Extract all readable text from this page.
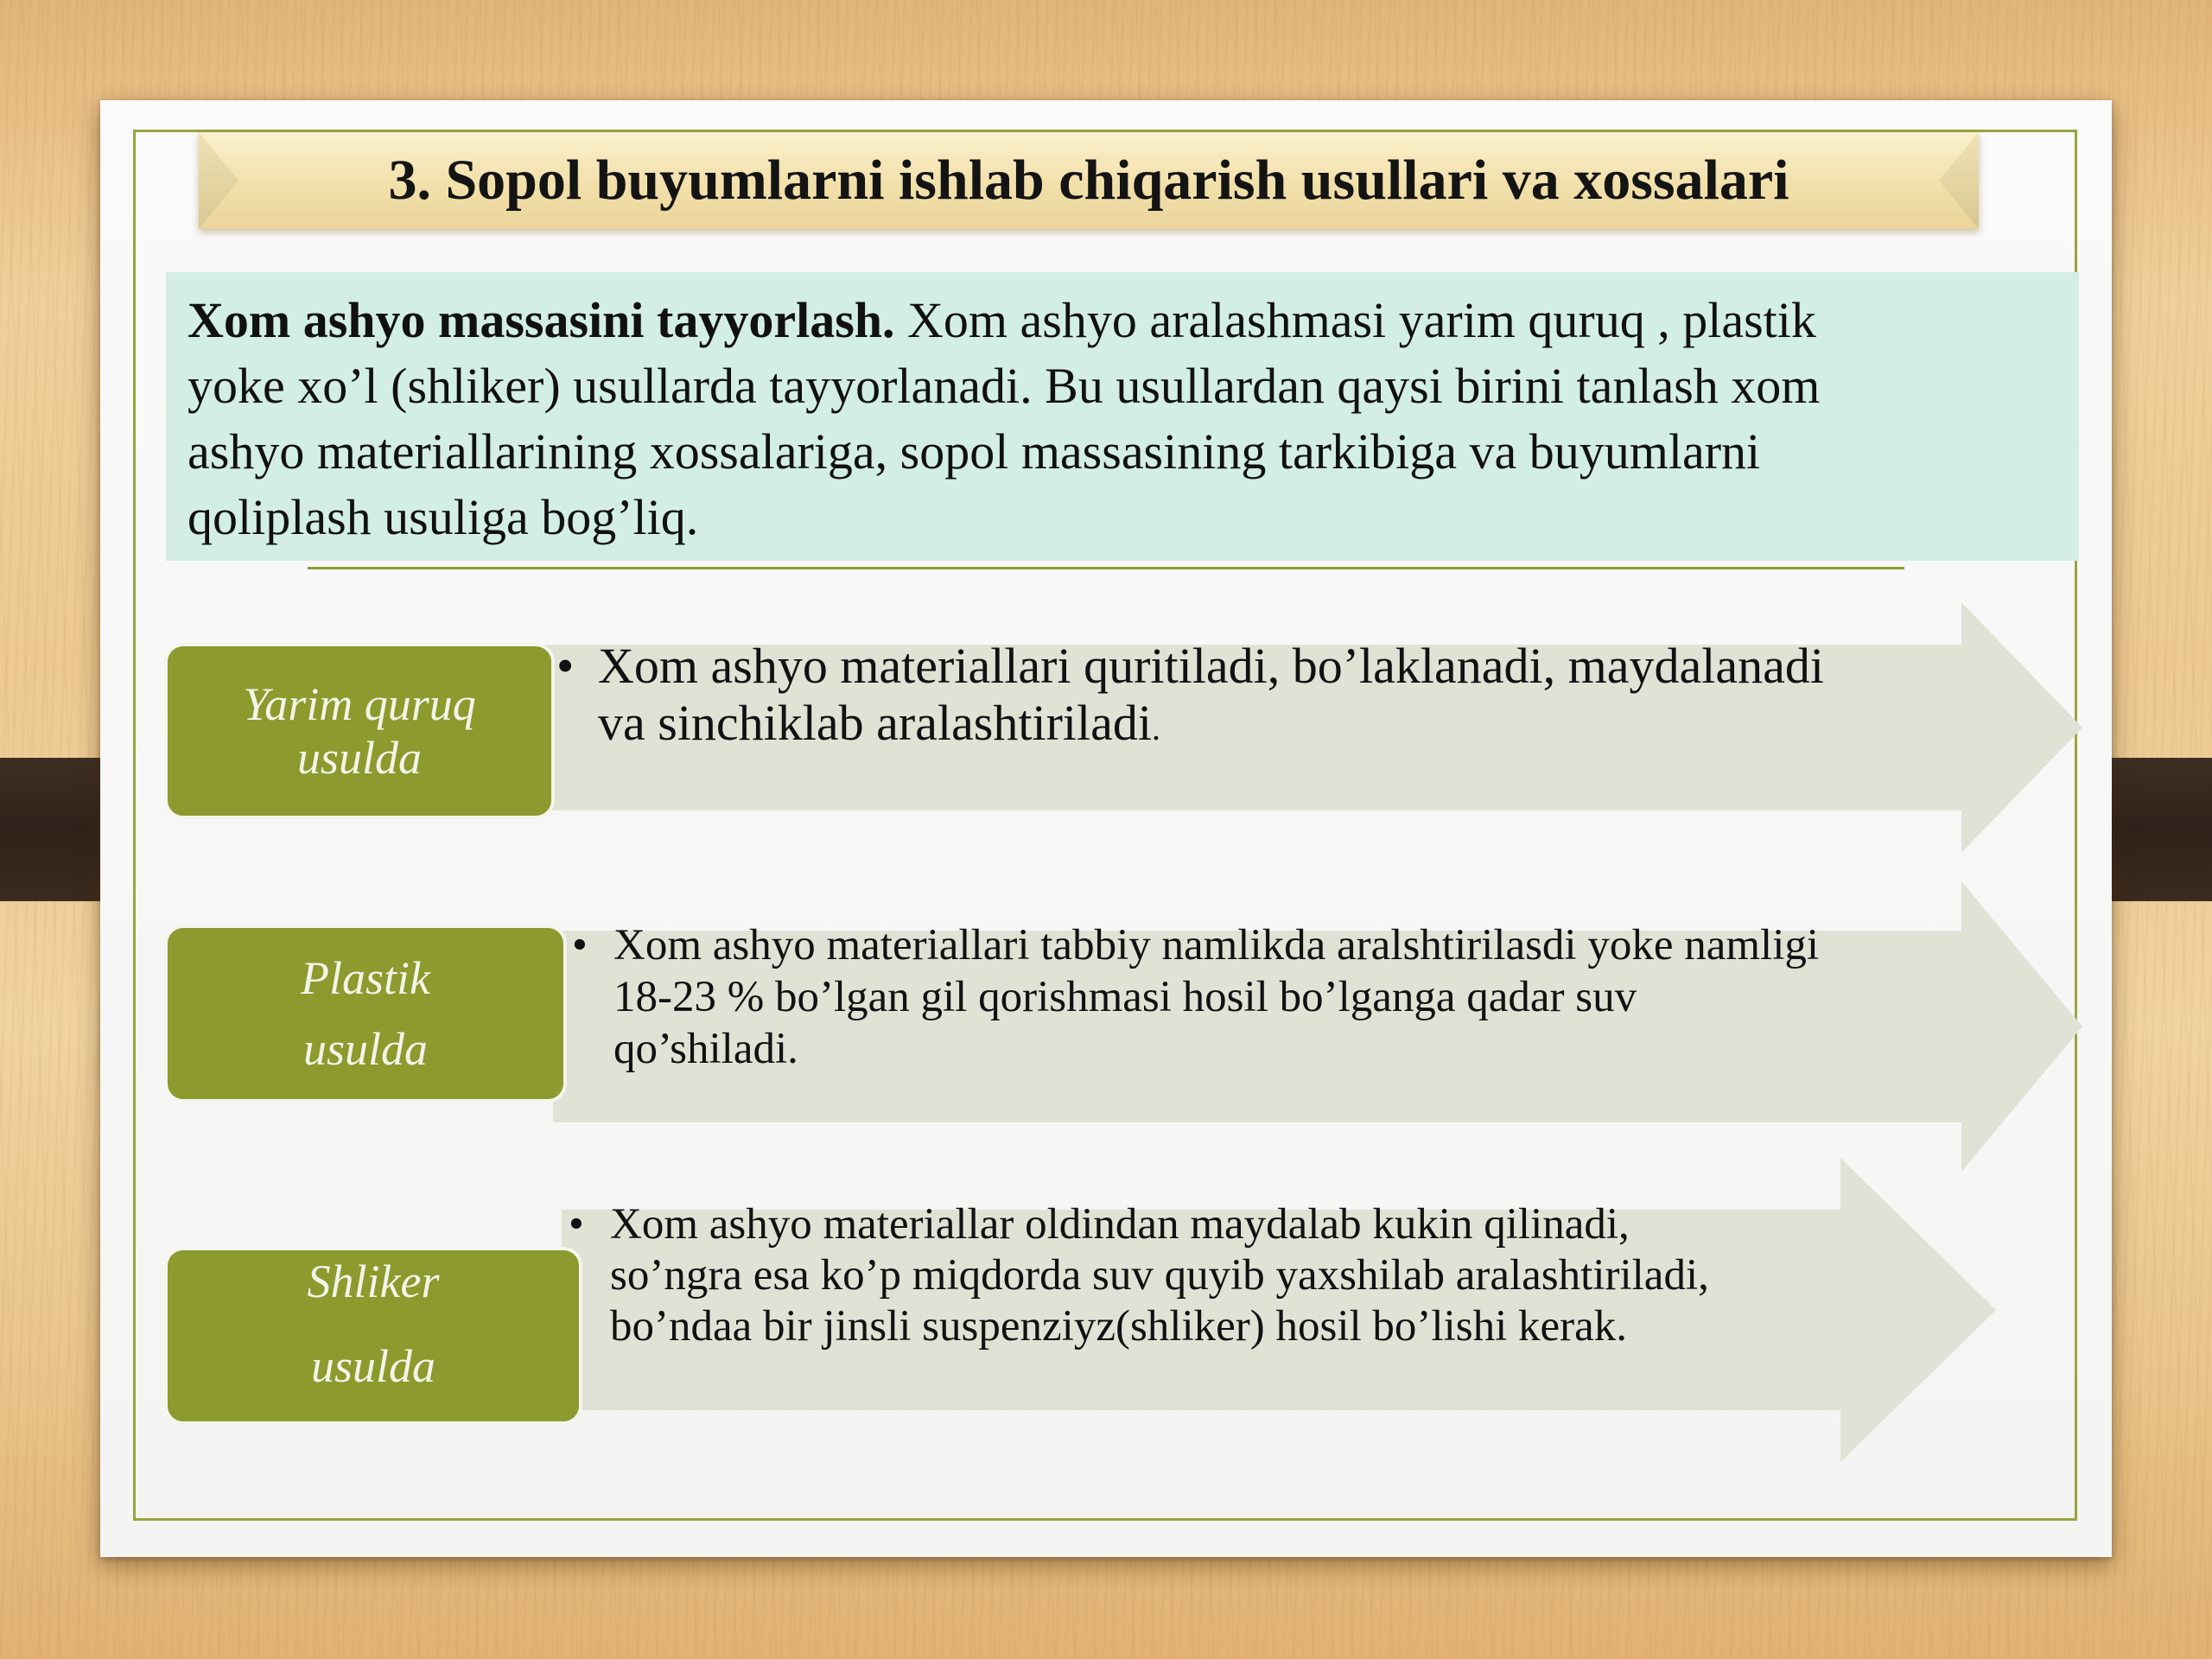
3. Sopol buyumlarni ishlab chiqarish usullari va xossalari
Xom ashyo massasini tayyorlash. Xom ashyo aralashmasi yarim quruq , plastik
yoke xo’l (shliker) usullarda tayyorlanadi. Bu usullardan qaysi birini tanlash xom
ashyo materiallarining xossalariga, sopol massasining tarkibiga va buyumlarni
qoliplash usuliga bog’liq.
Yarim quruq
usulda
• Xom ashyo materiallari quritiladi, bo’laklanadi, maydalanadi
va sinchiklab aralashtiriladi.
Plastik
usulda
• Xom ashyo materiallari tabbiy namlikda aralshtirilasdi yoke namligi
18-23 % bo’lgan gil qorishmasi hosil bo’lganga qadar suv
qo’shiladi.
Shliker
usulda
• Xom ashyo materiallar oldindan maydalab kukin qilinadi,
so’ngra esa ko’p miqdorda suv quyib yaxshilab aralashtiriladi,
bo’ndaa bir jinsli suspenziyz(shliker) hosil bo’lishi kerak.
